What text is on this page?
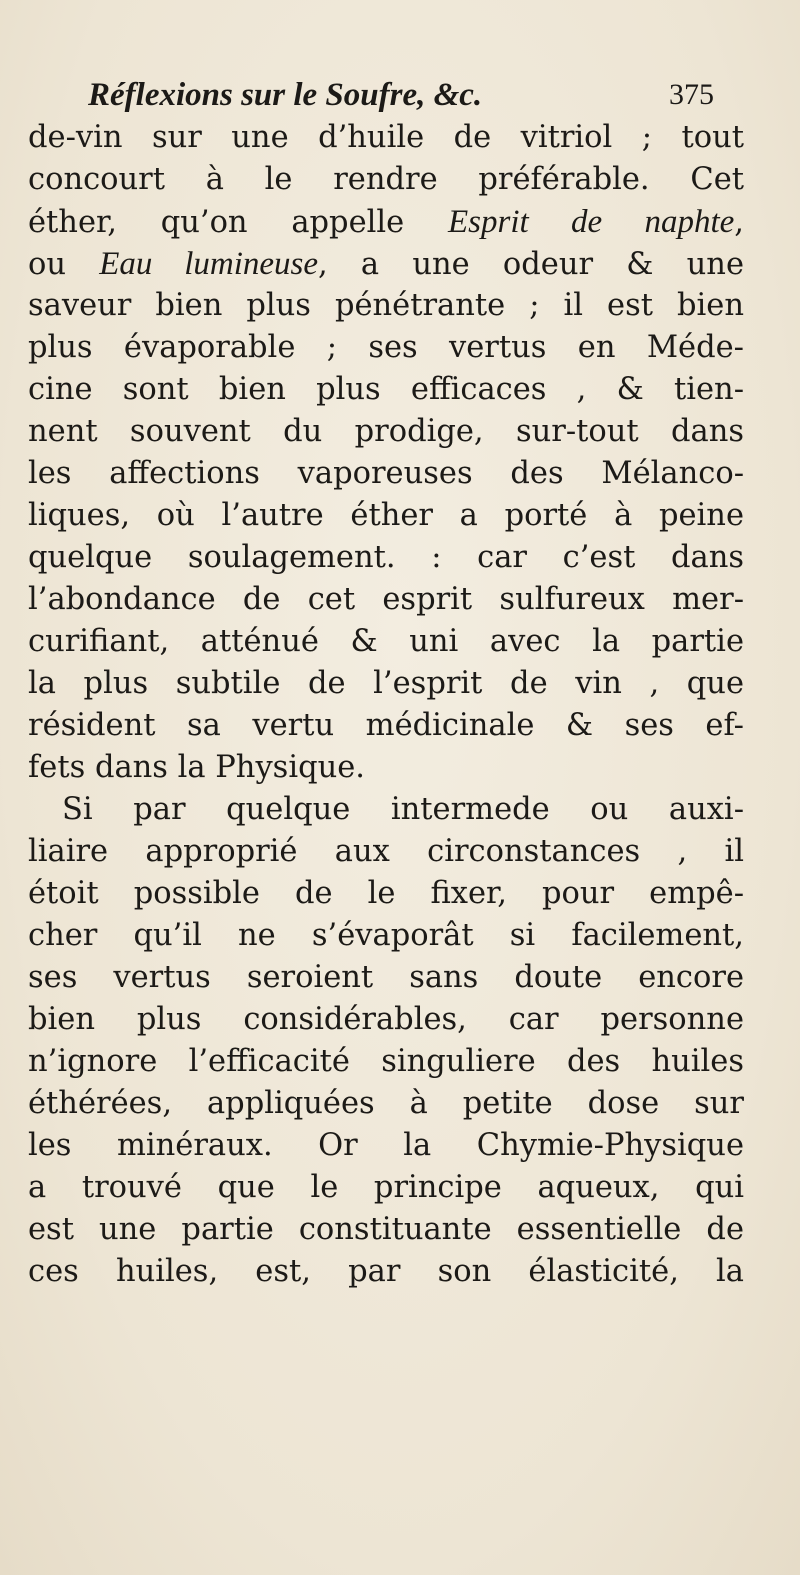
Réflexions sur le Soufre, &c.	375
de-vin sur une d’huile de vitriol ; tout
concourt à le rendre préférable. Cet
éther, qu’on appelle Esprit de naphte,
ou Eau lumineuse, a une odeur & une
saveur bien plus pénétrante ; il est bien
plus évaporable ; ses vertus en Méde-
cine sont bien plus efficaces , & tien-
nent souvent du prodige, sur-tout dans
les affections vaporeuses des Mélanco-
liques, où l’autre éther a porté à peine
quelque soulagement. : car c’est dans
l’abondance de cet esprit sulfureux mer-
curifiant, atténué & uni avec la partie
la plus subtile de l’esprit de vin , que
résident sa vertu médicinale & ses ef-
fets dans la Physique.
Si par quelque intermede ou auxi-
liaire approprié aux circonstances , il
étoit possible de le fixer, pour empê-
cher qu’il ne s’évaporât si facilement,
ses vertus seroient sans doute encore
bien plus considérables, car personne
n’ignore l’efficacité singuliere des huiles
éthérées, appliquées à petite dose sur
les minéraux. Or la Chymie-Physique
a trouvé que le principe aqueux, qui
est une partie constituante essentielle de
ces huiles, est, par son élasticité, la
